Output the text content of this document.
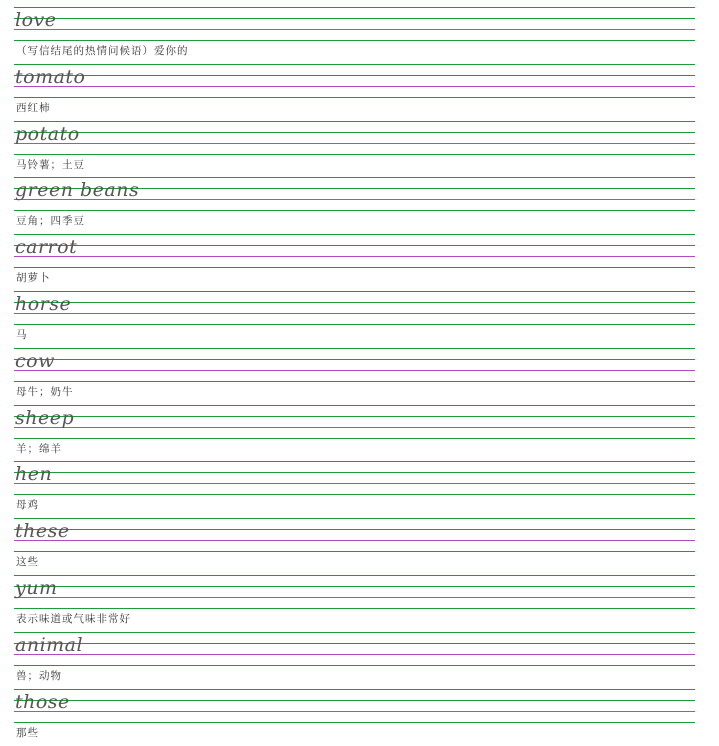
love
（写信结尾的热情问候语）爱你的
tomato
西红柿
potato
马铃薯；土豆
green beans
豆角；四季豆
carrot
胡萝卜
horse
马
cow
母牛；奶牛
sheep
羊；绵羊
hen
母鸡
these
这些
yum
表示味道或气味非常好
animal
兽；动物
those
那些
